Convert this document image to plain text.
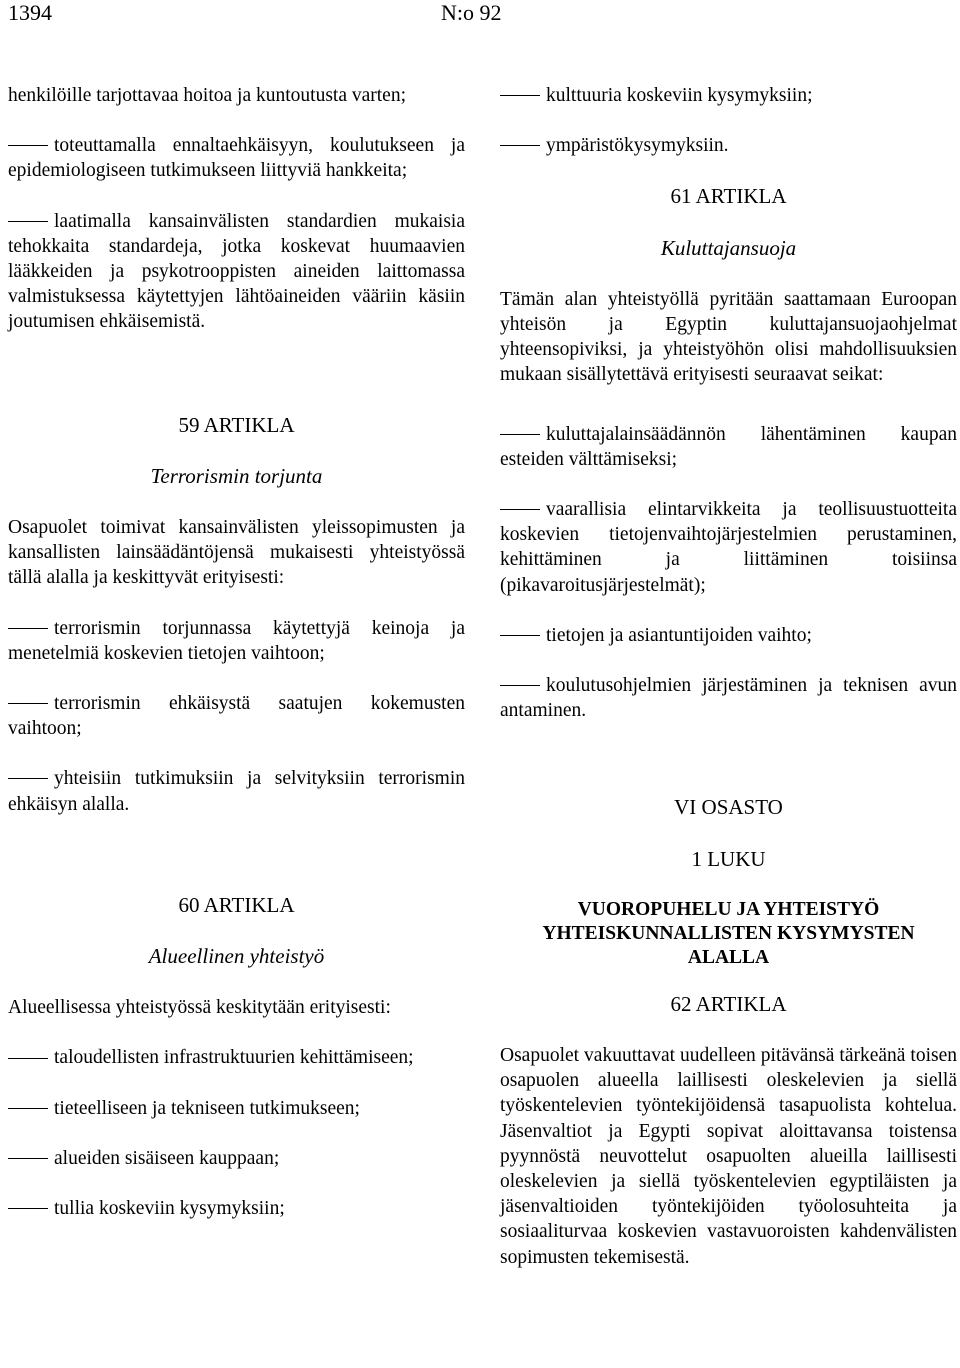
1394	N:o 92

henkilöille tarjottavaa hoitoa ja kuntoutusta varten;

toteuttamalla ennaltaehkäisyyn, koulutukseen ja epidemiologiseen tutkimukseen liittyviä hankkeita;

laatimalla kansainvälisten standardien mukaisia tehokkaita standardeja, jotka koskevat huumaavien lääkkeiden ja psykotrooppisten aineiden laittomassa valmistuksessa käytettyjen lähtöaineiden vääriin käsiin joutumisen ehkäisemistä.

59 ARTIKLA

Terrorismin torjunta

Osapuolet toimivat kansainvälisten yleissopimusten ja kansallisten lainsäädäntöjensä mukaisesti yhteistyössä tällä alalla ja keskittyvät erityisesti:

terrorismin torjunnassa käytettyjä keinoja ja menetelmiä koskevien tietojen vaihtoon;

terrorismin ehkäisystä saatujen kokemusten vaihtoon;

yhteisiin tutkimuksiin ja selvityksiin terrorismin ehkäisyn alalla.

60 ARTIKLA

Alueellinen yhteistyö

Alueellisessa yhteistyössä keskitytään erityisesti:

taloudellisten infrastruktuurien kehittämiseen;

tieteelliseen ja tekniseen tutkimukseen;

alueiden sisäiseen kauppaan;

tullia koskeviin kysymyksiin;

kulttuuria koskeviin kysymyksiin;

ympäristökysymyksiin.

61 ARTIKLA

Kuluttajansuoja

Tämän alan yhteistyöllä pyritään saattamaan Euroopan yhteisön ja Egyptin kuluttajansuojaohjelmat yhteensopiviksi, ja yhteistyöhön olisi mahdollisuuksien mukaan sisällytettävä erityisesti seuraavat seikat:

kuluttajalainsäädännön lähentäminen kaupan esteiden välttämiseksi;

vaarallisia elintarvikkeita ja teollisuustuotteita koskevien tietojenvaihtojärjestelmien perustaminen, kehittäminen ja liittäminen toisiinsa (pikavaroitusjärjestelmät);

tietojen ja asiantuntijoiden vaihto;

koulutusohjelmien järjestäminen ja teknisen avun antaminen.

VI OSASTO

1 LUKU

VUOROPUHELU JA YHTEISTYÖ YHTEISKUNNALLISTEN KYSYMYSTEN ALALLA

62 ARTIKLA

Osapuolet vakuuttavat uudelleen pitävänsä tärkeänä toisen osapuolen alueella laillisesti oleskelevien ja siellä työskentelevien työntekijöidensä tasapuolista kohtelua. Jäsenvaltiot ja Egypti sopivat aloittavansa toistensa pyynnöstä neuvottelut osapuolten alueilla laillisesti oleskelevien ja siellä työskentelevien egyptiläisten ja jäsenvaltioiden työntekijöiden työolosuhteita ja sosiaaliturvaa koskevien vastavuoroisten kahdenvälisten sopimusten tekemisestä.
